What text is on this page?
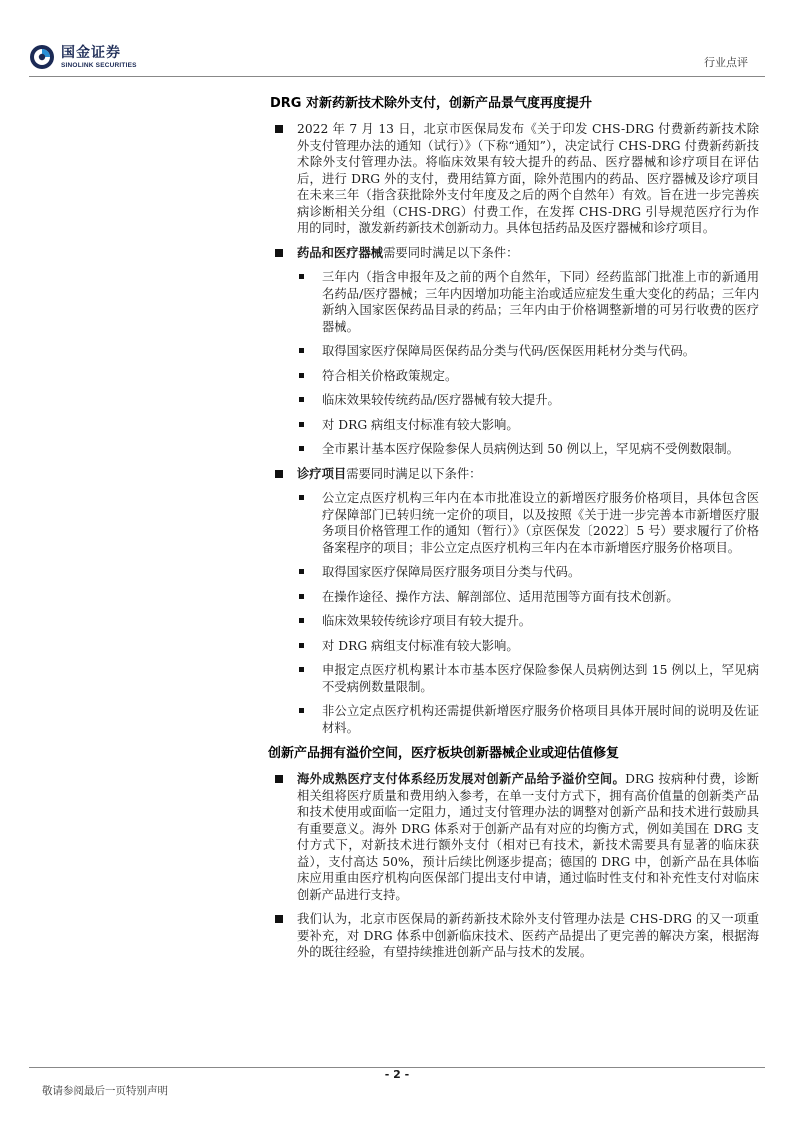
国金证券
SINOLINK SECURITIES	行业点评
DRG 对新药新技术除外支付，创新产品景气度再度提升
2022 年 7 月 13 日，北京市医保局发布《关于印发 CHS-DRG 付费新药新技术除外支付管理办法的通知（试行）》（下称“通知”），决定试行 CHS-DRG 付费新药新技术除外支付管理办法。将临床效果有较大提升的药品、医疗器械和诊疗项目在评估后，进行 DRG 外的支付，费用结算方面，除外范围内的药品、医疗器械及诊疗项目在未来三年（指含获批除外支付年度及之后的两个自然年）有效。旨在进一步完善疾病诊断相关分组（CHS-DRG）付费工作，在发挥 CHS-DRG 引导规范医疗行为作用的同时，激发新药新技术创新动力。具体包括药品及医疗器械和诊疗项目。
药品和医疗器械需要同时满足以下条件：
三年内（指含申报年及之前的两个自然年，下同）经药监部门批准上市的新通用名药品/医疗器械；三年内因增加功能主治或适应症发生重大变化的药品；三年内新纳入国家医保药品目录的药品；三年内由于价格调整新增的可另行收费的医疗器械。
取得国家医疗保障局医保药品分类与代码/医保医用耗材分类与代码。
符合相关价格政策规定。
临床效果较传统药品/医疗器械有较大提升。
对 DRG 病组支付标准有较大影响。
全市累计基本医疗保险参保人员病例达到 50 例以上，罕见病不受例数限制。
诊疗项目需要同时满足以下条件：
公立定点医疗机构三年内在本市批准设立的新增医疗服务价格项目，具体包含医疗保障部门已转归统一定价的项目，以及按照《关于进一步完善本市新增医疗服务项目价格管理工作的通知（暂行）》（京医保发〔2022〕5 号）要求履行了价格备案程序的项目；非公立定点医疗机构三年内在本市新增医疗服务价格项目。
取得国家医疗保障局医疗服务项目分类与代码。
在操作途径、操作方法、解剖部位、适用范围等方面有技术创新。
临床效果较传统诊疗项目有较大提升。
对 DRG 病组支付标准有较大影响。
申报定点医疗机构累计本市基本医疗保险参保人员病例达到 15 例以上，罕见病不受病例数量限制。
非公立定点医疗机构还需提供新增医疗服务价格项目具体开展时间的说明及佐证材料。
创新产品拥有溢价空间，医疗板块创新器械企业或迎估值修复
海外成熟医疗支付体系经历发展对创新产品给予溢价空间。DRG 按病种付费，诊断相关组将医疗质量和费用纳入参考，在单一支付方式下，拥有高价值量的创新类产品和技术使用或面临一定阻力，通过支付管理办法的调整对创新产品和技术进行鼓励具有重要意义。海外 DRG 体系对于创新产品有对应的均衡方式，例如美国在 DRG 支付方式下，对新技术进行额外支付（相对已有技术，新技术需要具有显著的临床获益），支付高达 50%，预计后续比例逐步提高；德国的 DRG 中，创新产品在具体临床应用重由医疗机构向医保部门提出支付申请，通过临时性支付和补充性支付对临床创新产品进行支持。
我们认为，北京市医保局的新药新技术除外支付管理办法是 CHS-DRG 的又一项重要补充，对 DRG 体系中创新临床技术、医药产品提出了更完善的解决方案，根据海外的既往经验，有望持续推进创新产品与技术的发展。
- 2 -
敬请参阅最后一页特别声明
